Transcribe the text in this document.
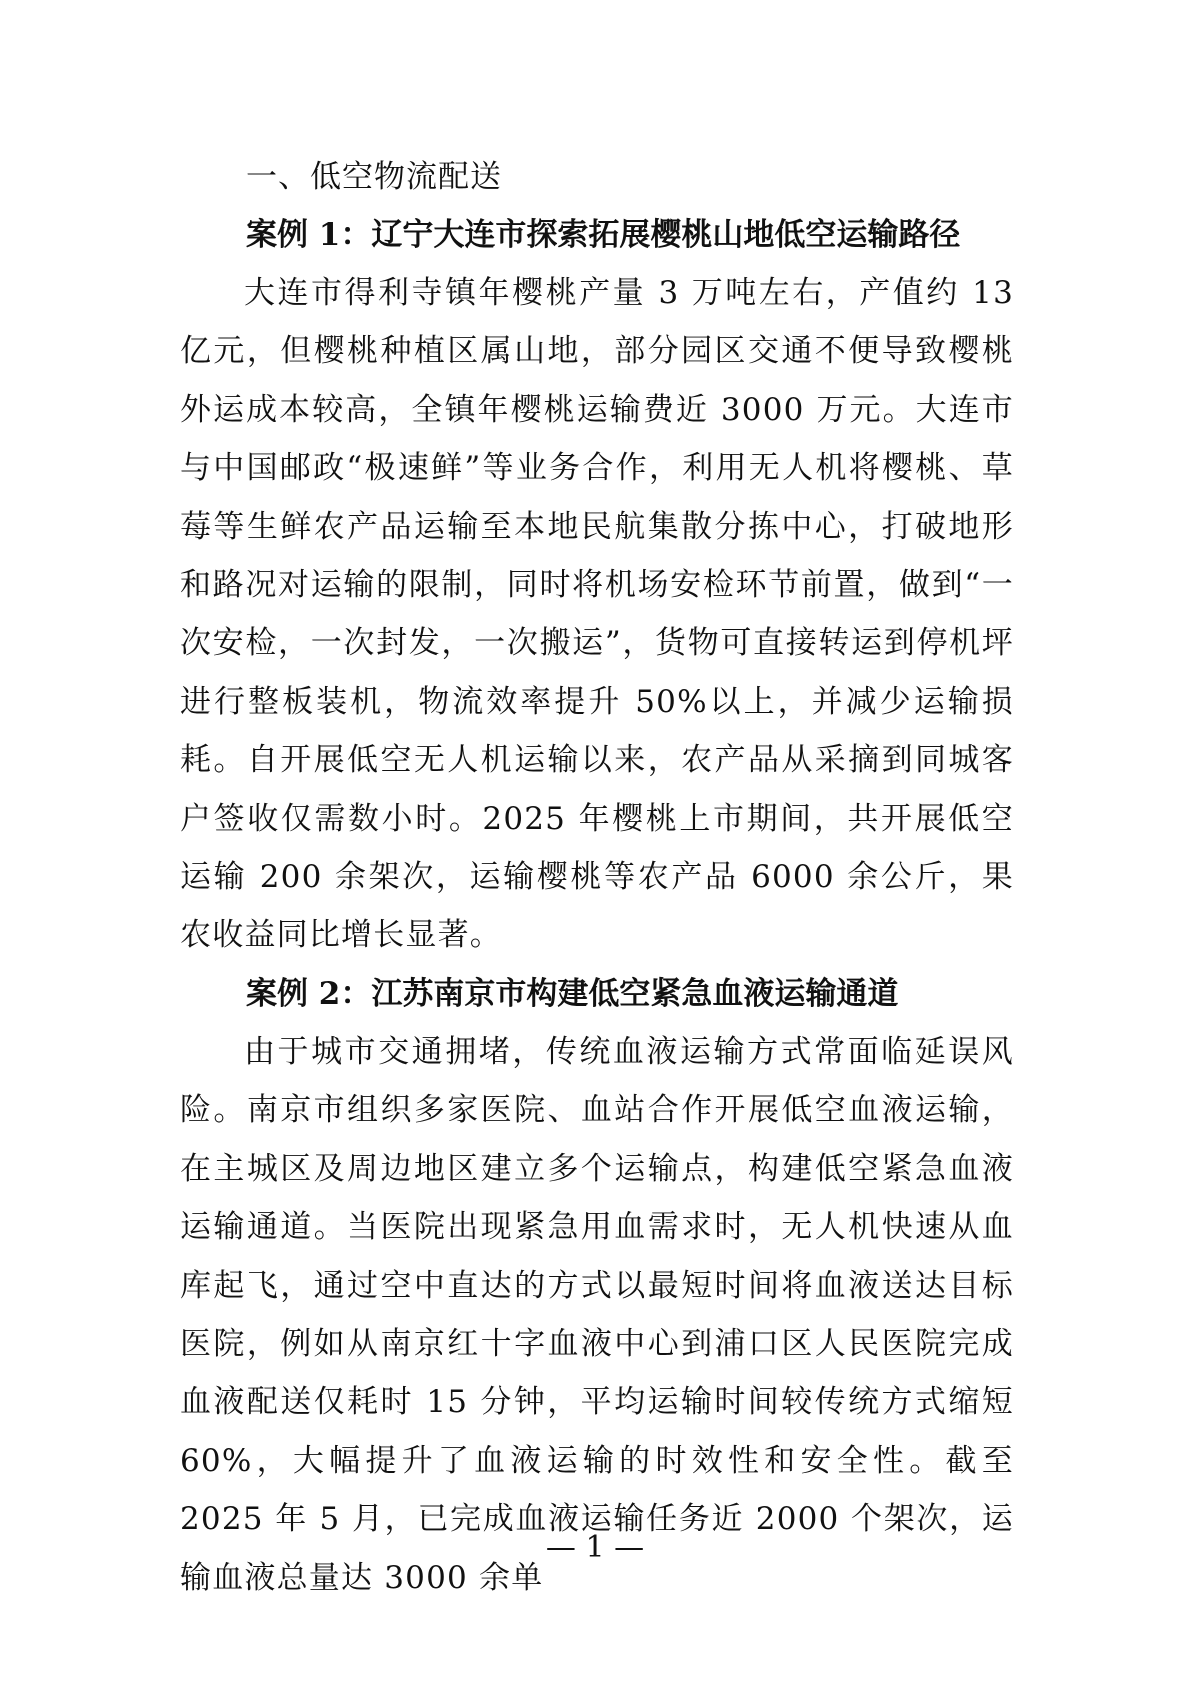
一、低空物流配送
案例 1：辽宁大连市探索拓展樱桃山地低空运输路径

大连市得利寺镇年樱桃产量 3 万吨左右，产值约 13 亿元，但樱桃种植区属山地，部分园区交通不便导致樱桃外运成本较高，全镇年樱桃运输费近 3000 万元。大连市与中国邮政“极速鲜”等业务合作，利用无人机将樱桃、草莓等生鲜农产品运输至本地民航集散分拣中心，打破地形和路况对运输的限制，同时将机场安检环节前置，做到“一次安检，一次封发，一次搬运”，货物可直接转运到停机坪进行整板装机，物流效率提升 50%以上，并减少运输损耗。自开展低空无人机运输以来，农产品从采摘到同城客户签收仅需数小时。2025 年樱桃上市期间，共开展低空运输 200 余架次，运输樱桃等农产品 6000 余公斤，果农收益同比增长显著。

案例 2：江苏南京市构建低空紧急血液运输通道

由于城市交通拥堵，传统血液运输方式常面临延误风险。南京市组织多家医院、血站合作开展低空血液运输，在主城区及周边地区建立多个运输点，构建低空紧急血液运输通道。当医院出现紧急用血需求时，无人机快速从血库起飞，通过空中直达的方式以最短时间将血液送达目标医院，例如从南京红十字血液中心到浦口区人民医院完成血液配送仅耗时 15 分钟，平均运输时间较传统方式缩短 60%，大幅提升了血液运输的时效性和安全性。截至 2025 年 5 月，已完成血液运输任务近 2000 个架次，运输血液总量达 3000 余单

— 1 —
